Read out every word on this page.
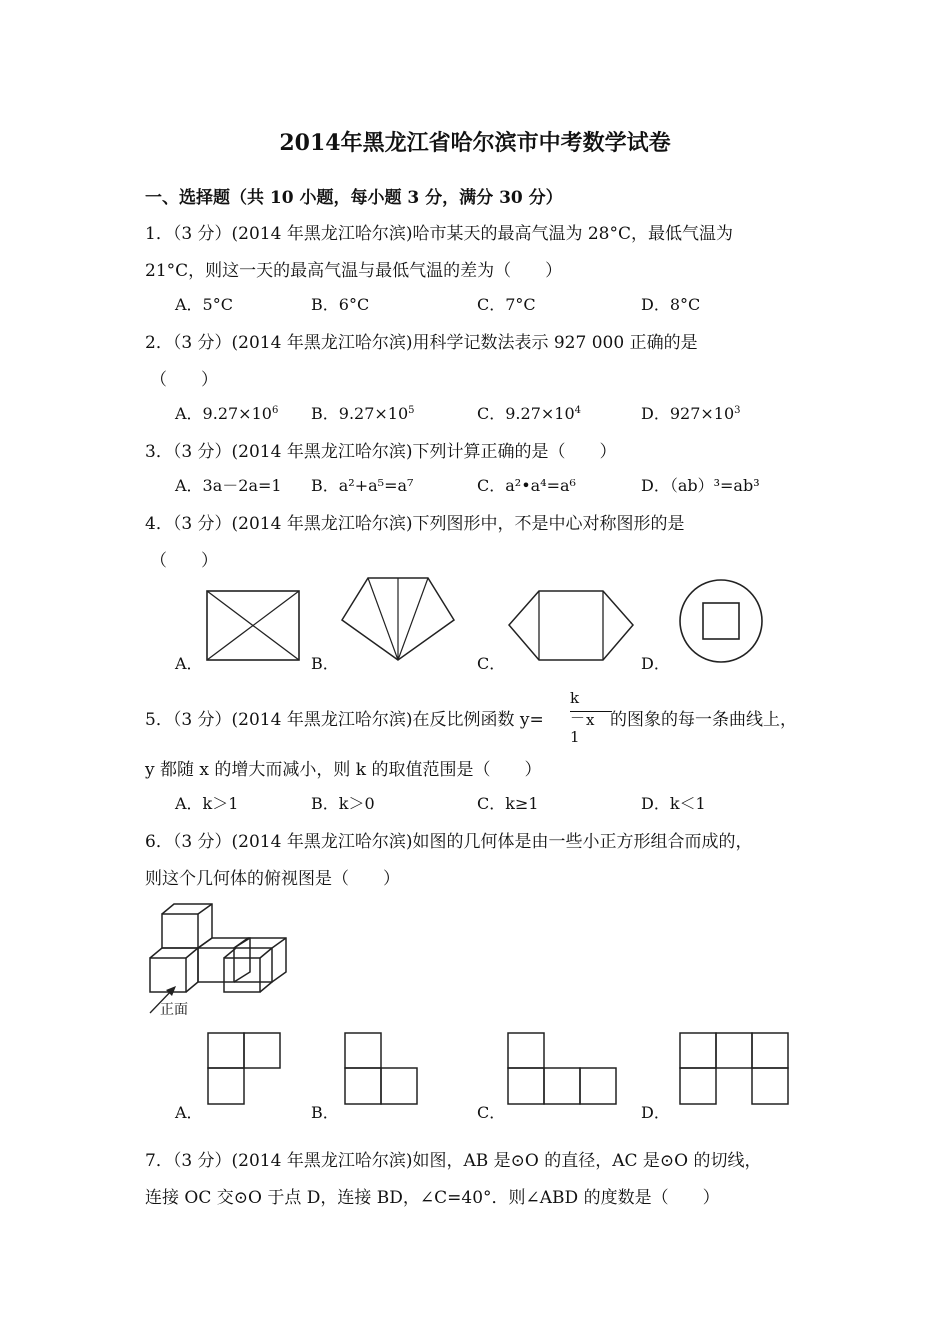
2014年黑龙江省哈尔滨市中考数学试卷
一、选择题（共 10 小题，每小题 3 分，满分 30 分）
1．（3 分）(2014 年黑龙江哈尔滨)哈市某天的最高气温为 28°C，最低气温为
21°C，则这一天的最高气温与最低气温的差为（　　）
A．5°C	B．6°C	C．7°C	D．8°C
2．（3 分）(2014 年黑龙江哈尔滨)用科学记数法表示 927 000 正确的是
（　　）
A．$9.27\times 10^6$ B．$9.27\times 10^5$	C．$9.27\times 10^4$	D．$927\times 10^3$
3．（3 分）(2014 年黑龙江哈尔滨)下列计算正确的是（　　）
A．3a－2a=1 B．a²+a⁵=a⁷	C．a²•a⁴=a⁶	D．（ab）³=ab³
4．（3 分）(2014 年黑龙江哈尔滨)下列图形中，不是中心对称图形的是
（　　）
A．	B．	C．	D．
5．（3 分）(2014 年黑龙江哈尔滨)在反比例函数 y=
k－1
x 的图象的每一条曲线上，
y 都随 x 的增大而减小，则 k 的取值范围是（　　）
A．k＞1	B．k＞0	C．k≥1	D．k＜1
6．（3 分）(2014 年黑龙江哈尔滨)如图的几何体是由一些小正方形组合而成的，
则这个几何体的俯视图是（　　）
正面
A．	B．	C．	D．
7．（3 分）(2014 年黑龙江哈尔滨)如图，AB 是⊙O 的直径，AC 是⊙O 的切线，
连接 OC 交⊙O 于点 D，连接 BD，∠C=40°．则∠ABD 的度数是（　　）
